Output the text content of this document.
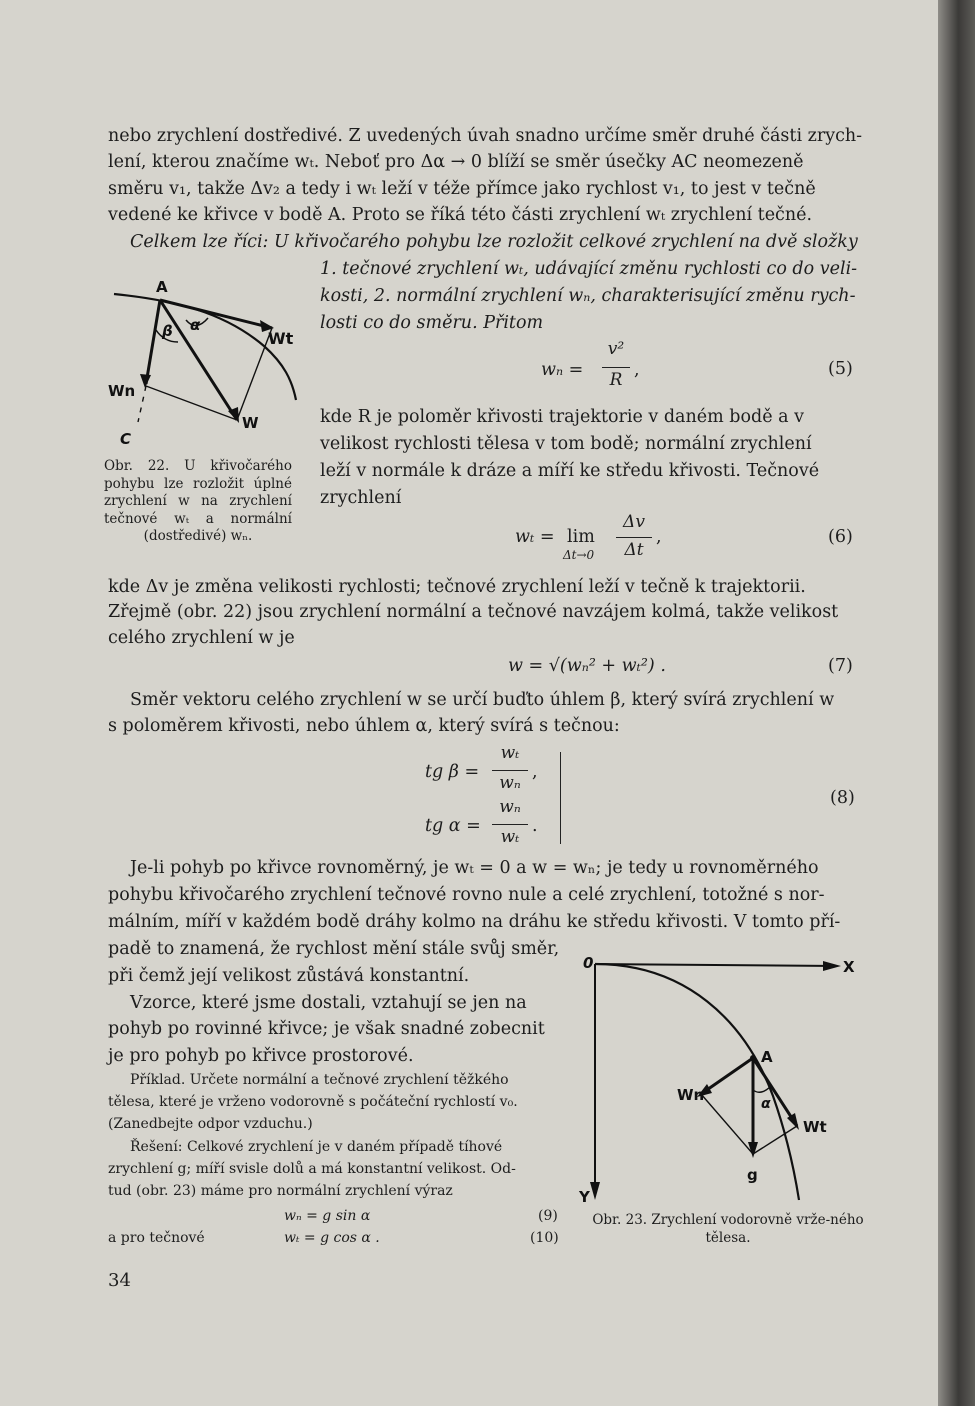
nebo zrychlení dostředivé. Z uvedených úvah snadno určíme směr druhé části zrych-
lení, kterou značíme wₜ. Neboť pro Δα → 0 blíží se směr úsečky AC neomezeně
směru v₁, takže Δv₂ a tedy i wₜ leží v téže přímce jako rychlost v₁, to jest v tečně
vedené ke křivce v bodě A. Proto se říká této části zrychlení wₜ zrychlení tečné.
Celkem lze říci: U křivočarého pohybu lze rozložit celkové zrychlení na dvě složky
1. tečnové zrychlení wₜ, udávající změnu rychlosti co do veli-
kosti, 2. normální zrychlení wₙ, charakterisující změnu rych-
losti co do směru. Přitom
wₙ =
v²
R ,	(5)
kde R je poloměr křivosti trajektorie v daném bodě a v
velikost rychlosti tělesa v tom bodě; normální zrychlení
leží v normále k dráze a míří ke středu křivosti. Tečnové
zrychlení
A
β α
Wt
Wn
W
C
Obr. 22. U křivočarého pohybu lze rozložit úplné zrychlení w na zrychlení tečnové wₜ a normální (dostředivé) wₙ.	wₜ = lim
Δt→0
Δv
Δt
,	(6)
kde Δv je změna velikosti rychlosti; tečnové zrychlení leží v tečně k trajektorii.
Zřejmě (obr. 22) jsou zrychlení normální a tečnové navzájem kolmá, takže velikost
celého zrychlení w je
w = √(wₙ² + wₜ²) .	(7)
Směr vektoru celého zrychlení w se určí buďto úhlem β, který svírá zrychlení w
s poloměrem křivosti, nebo úhlem α, který svírá s tečnou:
tg β =
wₜ
wₙ
,
tg α =
wₙ
wₜ
.
(8)
Je-li pohyb po křivce rovnoměrný, je wₜ = 0 a w = wₙ; je tedy u rovnoměrného
pohybu křivočarého zrychlení tečnové rovno nule a celé zrychlení, totožné s nor-
málním, míří v každém bodě dráhy kolmo na dráhu ke středu křivosti. V tomto pří-
padě to znamená, že rychlost mění stále svůj směr,
při čemž její velikost zůstává konstantní.
Vzorce, které jsme dostali, vztahují se jen na
pohyb po rovinné křivce; je však snadné zobecnit
je pro pohyb po křivce prostorové.
Příklad. Určete normální a tečnové zrychlení těžkého
tělesa, které je vrženo vodorovně s počáteční rychlostí v₀.
(Zanedbejte odpor vzduchu.)
Řešení: Celkové zrychlení je v daném případě tíhové
zrychlení g; míří svisle dolů a má konstantní velikost. Od-
tud (obr. 23) máme pro normální zrychlení výraz
wₙ = g sin α	(9)
a pro tečnové	wₜ = g cos α .	(10)
0	X
Y
A
α
Wt
Wn
g
Obr. 23. Zrychlení vodorovně vrže-ného tělesa.
34
